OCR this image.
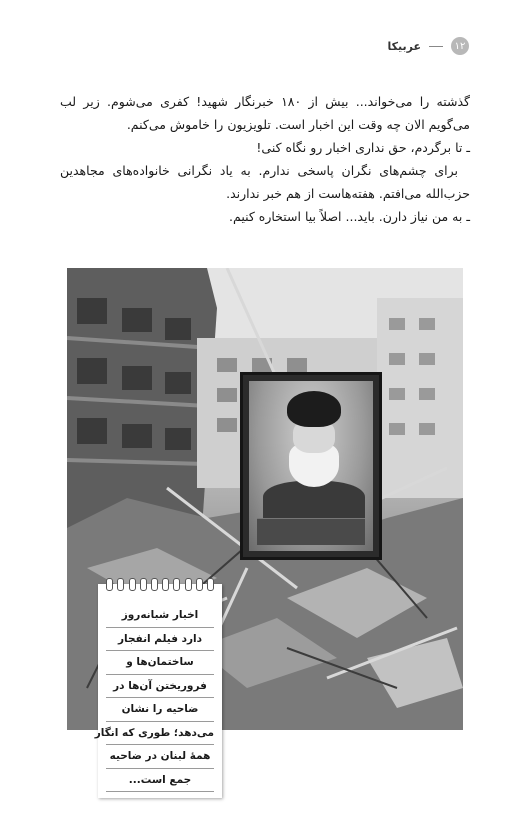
۱۲
عربیکا

گذشته را می‌خواند... بیش از ۱۸۰ خبرنگار شهید! کفری می‌شوم. زیر لب می‌گویم الان چه وقت این اخبار است. تلویزیون را خاموش می‌کنم.

ـ تا برگردم، حق نداری اخبار رو نگاه کنی!

برای چشم‌های نگران پاسخی ندارم. به یاد نگرانی خانواده‌های مجاهدین حزب‌الله می‌افتم. هفته‌هاست از هم خبر ندارند.

ـ به من نیاز دارن. باید... اصلاً بیا استخاره کنیم.

اخبار شبانه‌روز
دارد فیلم انفجار
ساختمان‌ها و
فروریختن آن‌ها در
ضاحیه را نشان
می‌دهد؛ طوری که انگار
همهٔ لبنان در ضاحیه
جمع است...
